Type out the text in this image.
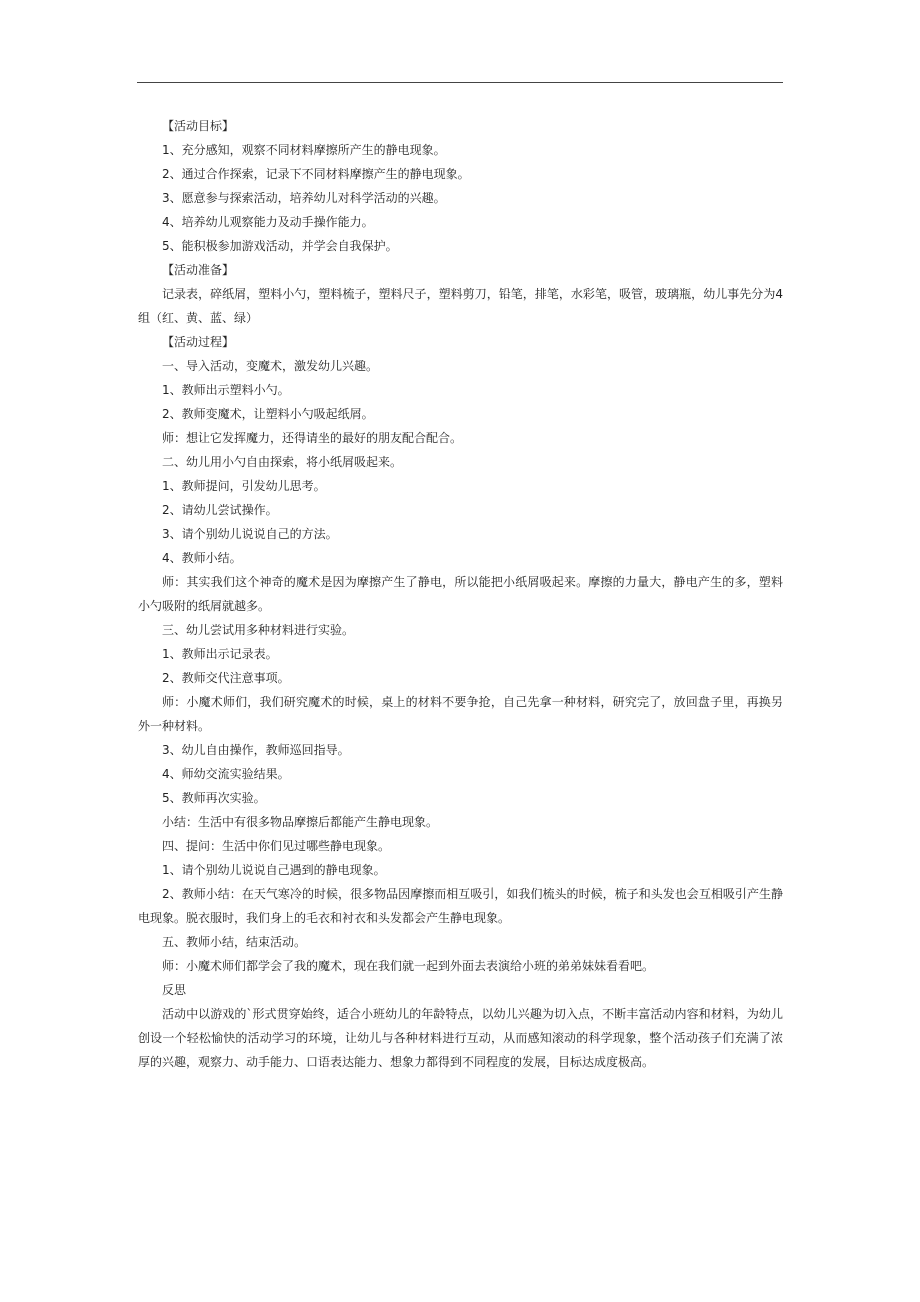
【活动目标】

1、充分感知，观察不同材料摩擦所产生的静电现象。

2、通过合作探索，记录下不同材料摩擦产生的静电现象。

3、愿意参与探索活动，培养幼儿对科学活动的兴趣。

4、培养幼儿观察能力及动手操作能力。

5、能积极参加游戏活动，并学会自我保护。

【活动准备】

记录表，碎纸屑，塑料小勺，塑料梳子，塑料尺子，塑料剪刀，铅笔，排笔，水彩笔，吸管，玻璃瓶，幼儿事先分为4组（红、黄、蓝、绿）

【活动过程】

一、导入活动，变魔术，激发幼儿兴趣。

1、教师出示塑料小勺。

2、教师变魔术，让塑料小勺吸起纸屑。

师：想让它发挥魔力，还得请坐的最好的朋友配合配合。

二、幼儿用小勺自由探索，将小纸屑吸起来。

1、教师提问，引发幼儿思考。

2、请幼儿尝试操作。

3、请个别幼儿说说自己的方法。

4、教师小结。

师：其实我们这个神奇的魔术是因为摩擦产生了静电，所以能把小纸屑吸起来。摩擦的力量大，静电产生的多，塑料小勺吸附的纸屑就越多。

三、幼儿尝试用多种材料进行实验。

1、教师出示记录表。

2、教师交代注意事项。

师：小魔术师们，我们研究魔术的时候，桌上的材料不要争抢，自己先拿一种材料，研究完了，放回盘子里，再换另外一种材料。

3、幼儿自由操作，教师巡回指导。

4、师幼交流实验结果。

5、教师再次实验。

小结：生活中有很多物品摩擦后都能产生静电现象。

四、提问：生活中你们见过哪些静电现象。

1、请个别幼儿说说自己遇到的静电现象。

2、教师小结：在天气寒冷的时候，很多物品因摩擦而相互吸引，如我们梳头的时候，梳子和头发也会互相吸引产生静电现象。脱衣服时，我们身上的毛衣和衬衣和头发都会产生静电现象。

五、教师小结，结束活动。

师：小魔术师们都学会了我的魔术，现在我们就一起到外面去表演给小班的弟弟妹妹看看吧。

反思

活动中以游戏的`形式贯穿始终，适合小班幼儿的年龄特点，以幼儿兴趣为切入点，不断丰富活动内容和材料，为幼儿创设一个轻松愉快的活动学习的环境，让幼儿与各种材料进行互动，从而感知滚动的科学现象，整个活动孩子们充满了浓厚的兴趣，观察力、动手能力、口语表达能力、想象力都得到不同程度的发展，目标达成度极高。
